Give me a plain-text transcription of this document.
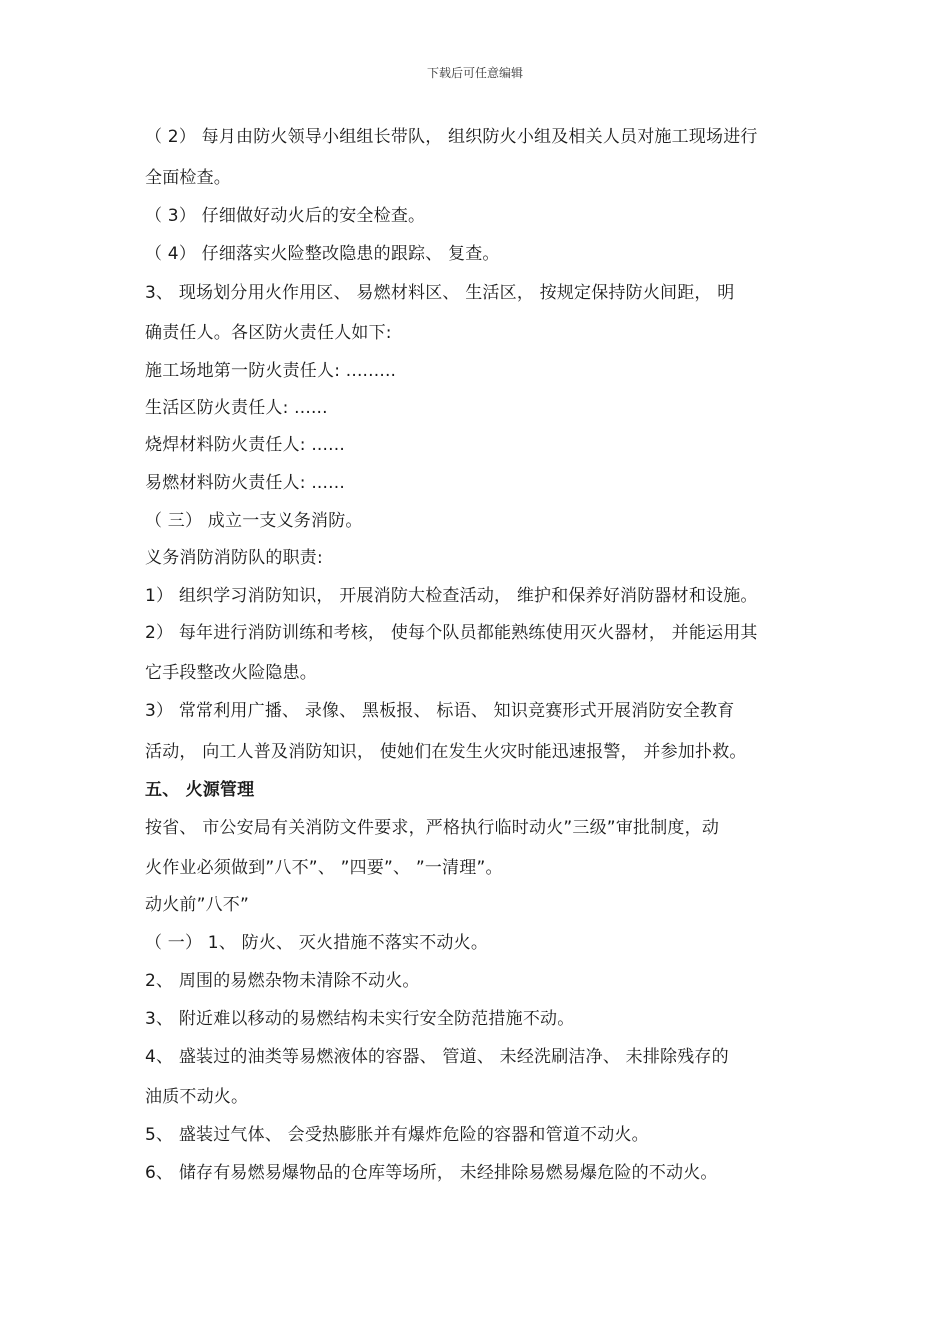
下载后可任意编辑
（ 2） 每月由防火领导小组组长带队， 组织防火小组及相关人员对施工现场进行
全面检查。
（ 3） 仔细做好动火后的安全检查。
（ 4） 仔细落实火险整改隐患的跟踪、 复查。
3、 现场划分用火作用区、 易燃材料区、 生活区， 按规定保持防火间距， 明
确责任人。各区防火责任人如下:
施工场地第一防火责任人: .........
生活区防火责任人: ......
烧焊材料防火责任人: ......
易燃材料防火责任人: ......
（ 三） 成立一支义务消防。
义务消防消防队的职责:
1） 组织学习消防知识， 开展消防大检查活动， 维护和保养好消防器材和设施。
2） 每年进行消防训练和考核， 使每个队员都能熟练使用灭火器材， 并能运用其
它手段整改火险隐患。
3） 常常利用广播、 录像、 黑板报、 标语、 知识竞赛形式开展消防安全教育
活动， 向工人普及消防知识， 使她们在发生火灾时能迅速报警， 并参加扑救。
五、 火源管理
按省、 市公安局有关消防文件要求，严格执行临时动火”三级”审批制度，动
火作业必须做到”八不”、 ”四要”、 ”一清理”。
动火前”八不”
（ 一） 1、 防火、 灭火措施不落实不动火。
2、 周围的易燃杂物未清除不动火。
3、 附近难以移动的易燃结构未实行安全防范措施不动。
4、 盛装过的油类等易燃液体的容器、 管道、 未经洗刷洁净、 未排除残存的
油质不动火。
5、 盛装过气体、 会受热膨胀并有爆炸危险的容器和管道不动火。
6、 储存有易燃易爆物品的仓库等场所， 未经排除易燃易爆危险的不动火。
